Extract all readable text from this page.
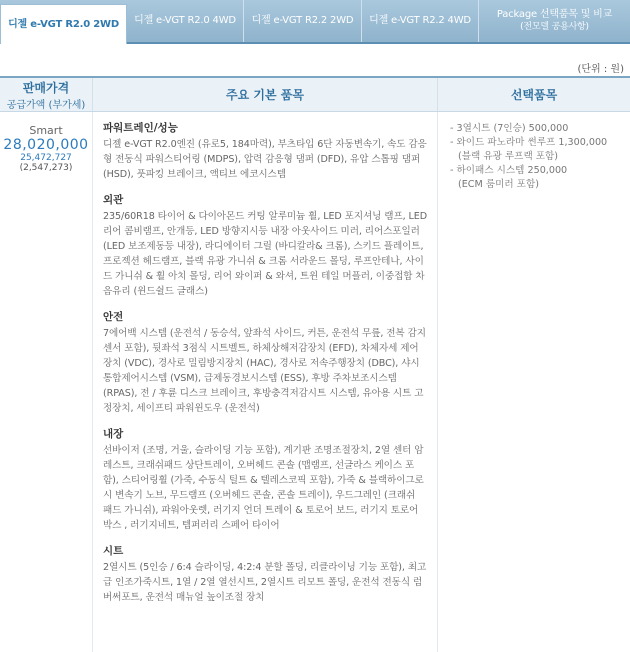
디젤 e-VGT R2.0 2WD 디젤 e-VGT R2.0 4WD 디젤 e-VGT R2.2 2WD 디젤 e-VGT R2.2 4WD
Package 선택품목 및 비교
(전모델 공용사항)
(단위 : 원)
판매가격
공급가액 (부가세)
주요 기본 품목	선택품목
Smart
28,020,000
25,472,727
(2,547,273)
파워트레인/성능
디젤 e-VGT R2.0엔진 (유로5, 184마력), 부츠타입 6단 자동변속기, 속도 감응형 전동식 파워스티어링 (MDPS), 압력 감응형 댐퍼 (DFD), 유압 스톱핑 댐퍼 (HSD), 풋파킹 브레이크, 액티브 에코시스템
외관
235/60R18 타이어 & 다이아몬드 커팅 알루미늄 휠, LED 포지셔닝 램프, LED 리어 콤비램프, 안개등, LED 방향지시등 내장 아웃사이드 미러, 리어스포일러 (LED 보조제동등 내장), 라디에이터 그릴 (바디칼라& 크롬), 스키드 플레이트, 프로젝션 헤드램프, 블랙 유광 가니쉬 & 크롬 서라운드 몰딩, 루프안테나, 사이드 가니쉬 & 휠 아치 몰딩, 리어 와이퍼 & 와셔, 트윈 테일 머플러, 이중접합 차음유리 (윈드쉴드 글래스)
안전
7에어백 시스템 (운전석 / 동승석, 앞좌석 사이드, 커튼, 운전석 무릎, 전복 감지센서 포함), 뒷좌석 3점식 시트벨트, 하체상해저감장치 (EFD), 차체자세 제어장치 (VDC), 경사로 밀림방지장치 (HAC), 경사로 저속주행장치 (DBC), 샤시통합제어시스템 (VSM), 급제동경보시스템 (ESS), 후방 주차보조시스템 (RPAS), 전 / 후륜 디스크 브레이크, 후방충격저감시트 시스템, 유아용 시트 고정장치, 세이프티 파워윈도우 (운전석)
내장
선바이저 (조명, 거울, 슬라이딩 기능 포함), 계기판 조명조절장치, 2열 센터 암레스트, 크래쉬패드 상단트레이, 오버헤드 콘솔 (맵램프, 선글라스 케이스 포함), 스티어링휠 (가죽, 수동식 틸트 & 텔레스코픽 포함), 가죽 & 블랙하이그로시 변속기 노브, 무드램프 (오버헤드 콘솔, 콘솔 트레이), 우드그레인 (크래쉬 패드 가니쉬), 파워아웃렛, 러기지 언더 트레이 & 토로어 보드, 러기지 토로어 박스 , 러기지네트, 템퍼러리 스페어 타이어
시트
2열시트 (5인승 / 6:4 슬라이딩, 4:2:4 분할 폴딩, 리클라이닝 기능 포함), 최고급 인조가죽시트, 1열 / 2열 열선시트, 2열시트 리모트 폴딩, 운전석 전동식 럼버써포트, 운전석 매뉴얼 높이조절 장치
- 3열시트 (7인승) 500,000
- 와이드 파노라마 썬루프 1,300,000
(블랙 유광 루프랙 포함)
- 하이패스 시스템 250,000
(ECM 룸미러 포함)
